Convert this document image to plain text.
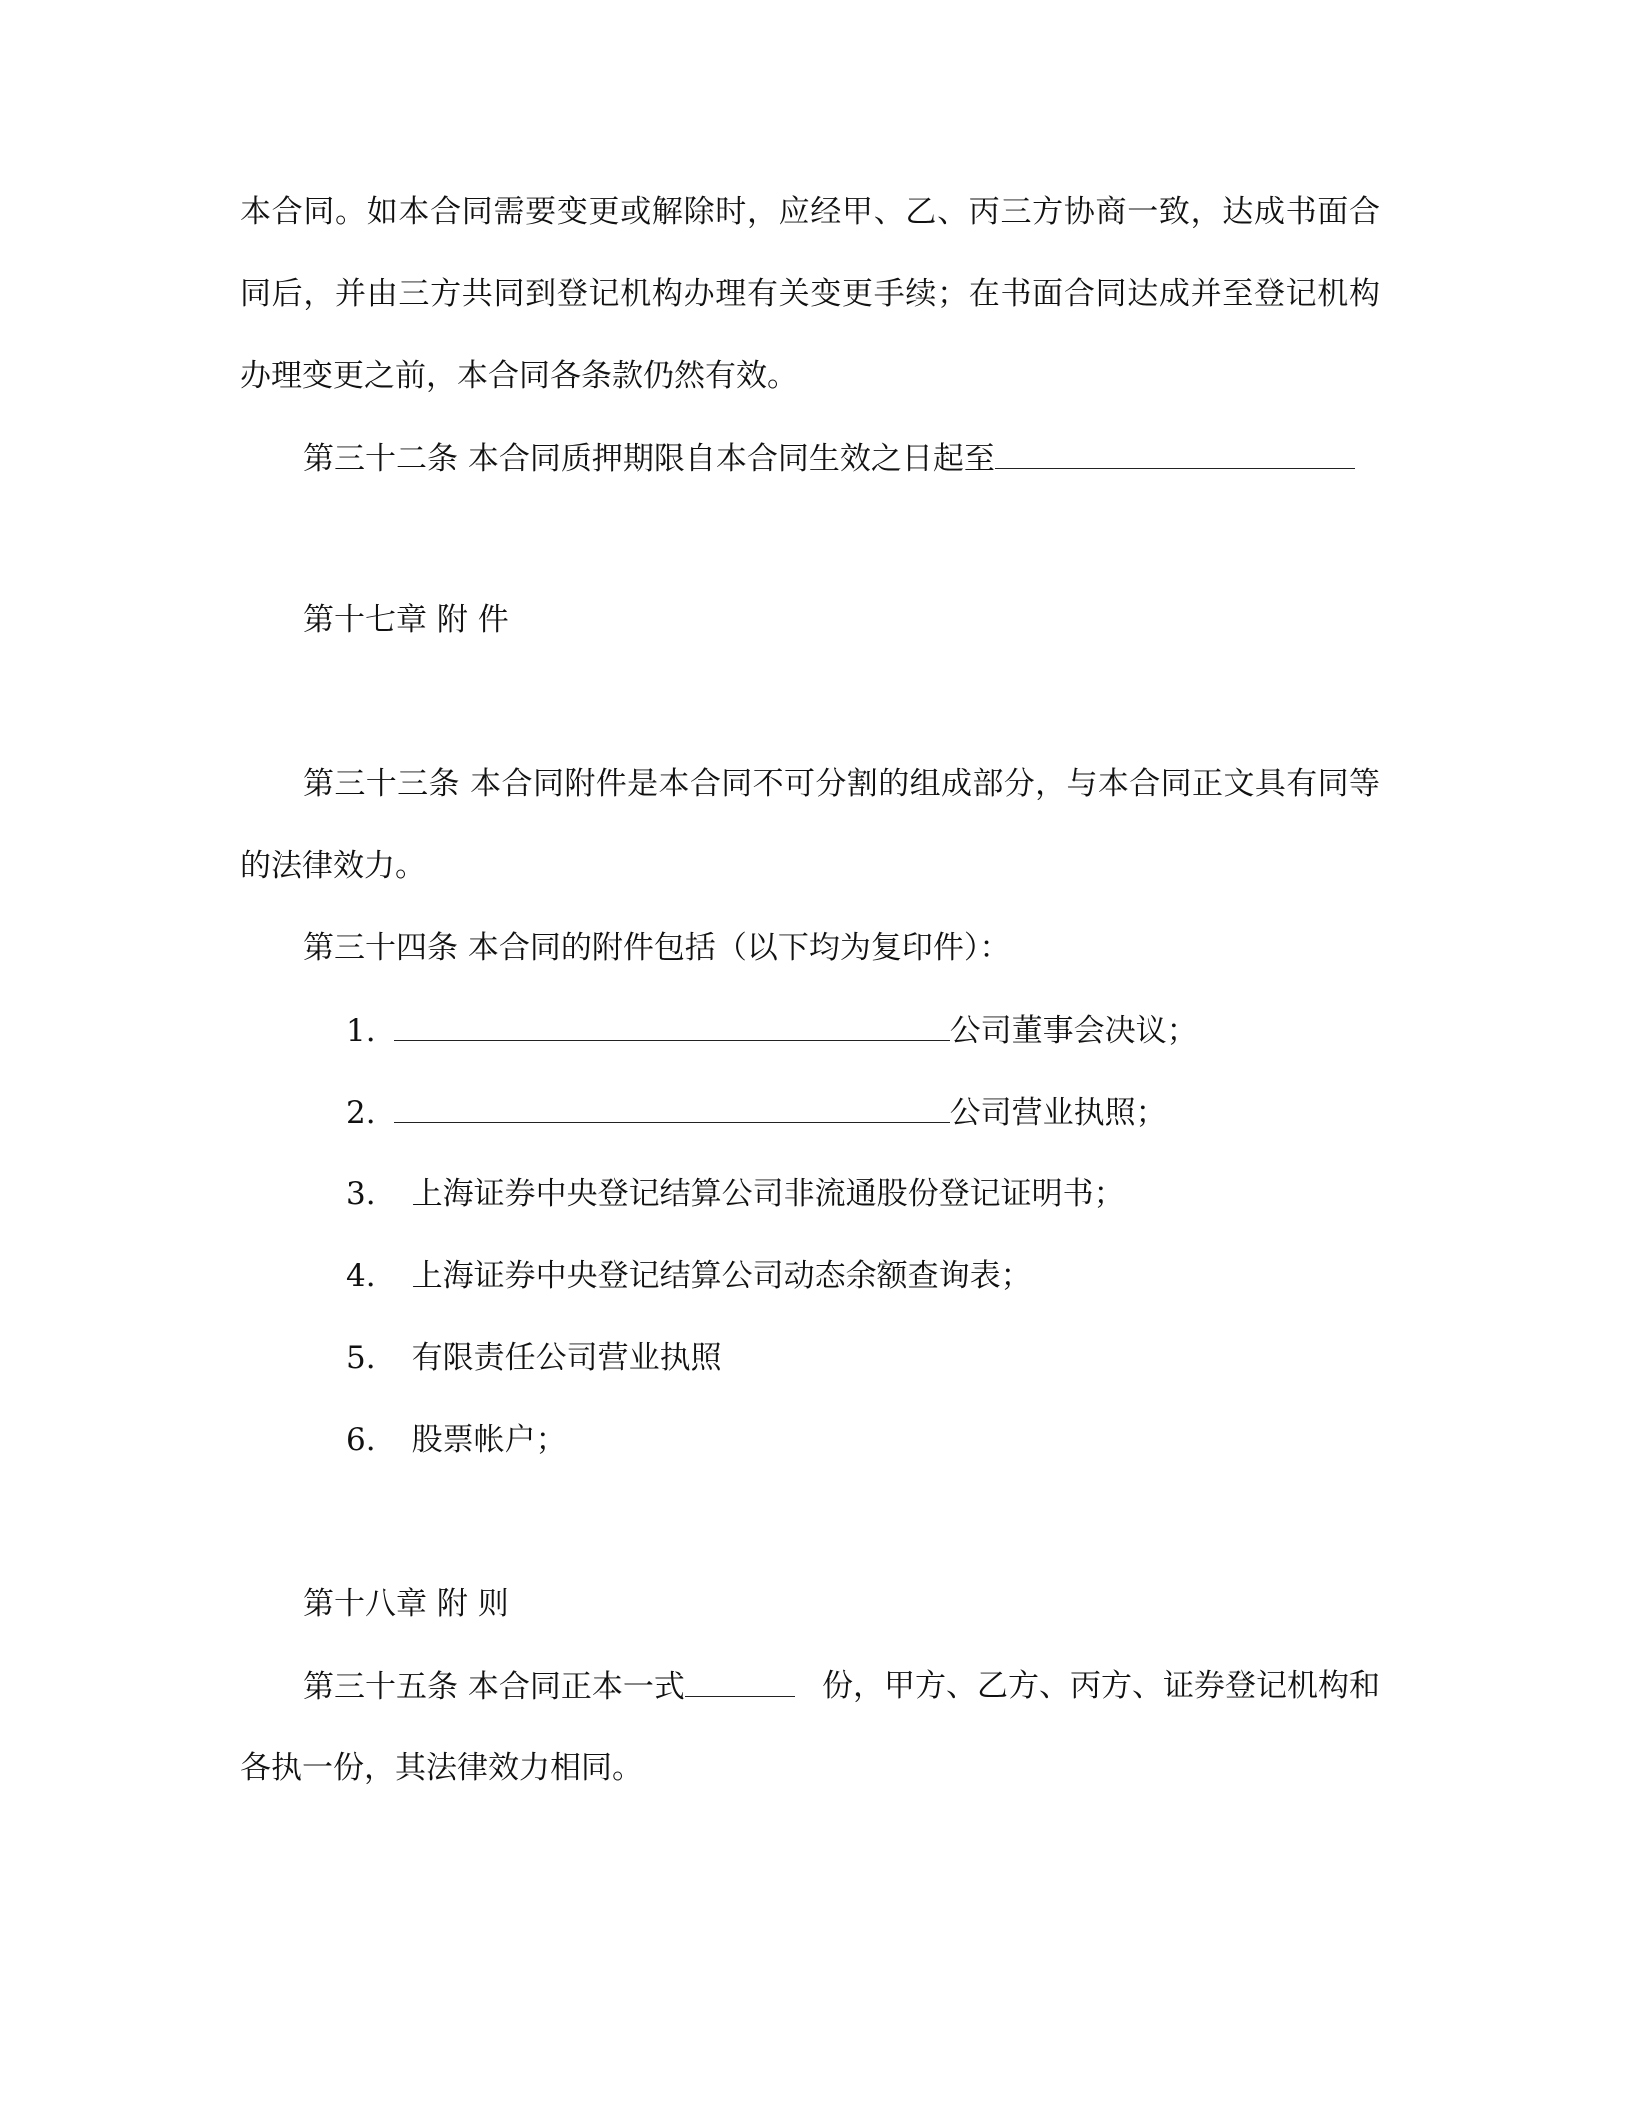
本合同。如本合同需要变更或解除时，应经甲、乙、丙三方协商一致，达成书面合
同后，并由三方共同到登记机构办理有关变更手续；在书面合同达成并至登记机构
办理变更之前，本合同各条款仍然有效。
第三十二条 本合同质押期限自本合同生效之日起至
第十七章 附 件
第三十三条 本合同附件是本合同不可分割的组成部分，与本合同正文具有同等
的法律效力。
第三十四条 本合同的附件包括（以下均为复印件）：
1.	公司董事会决议；
2.	公司营业执照；
3. 上海证券中央登记结算公司非流通股份登记证明书；
4. 上海证券中央登记结算公司动态余额查询表；
5. 有限责任公司营业执照
6. 股票帐户；
第十八章 附 则
第三十五条 本合同正本一式	份，甲方、乙方、丙方、证券登记机构和
各执一份，其法律效力相同。
